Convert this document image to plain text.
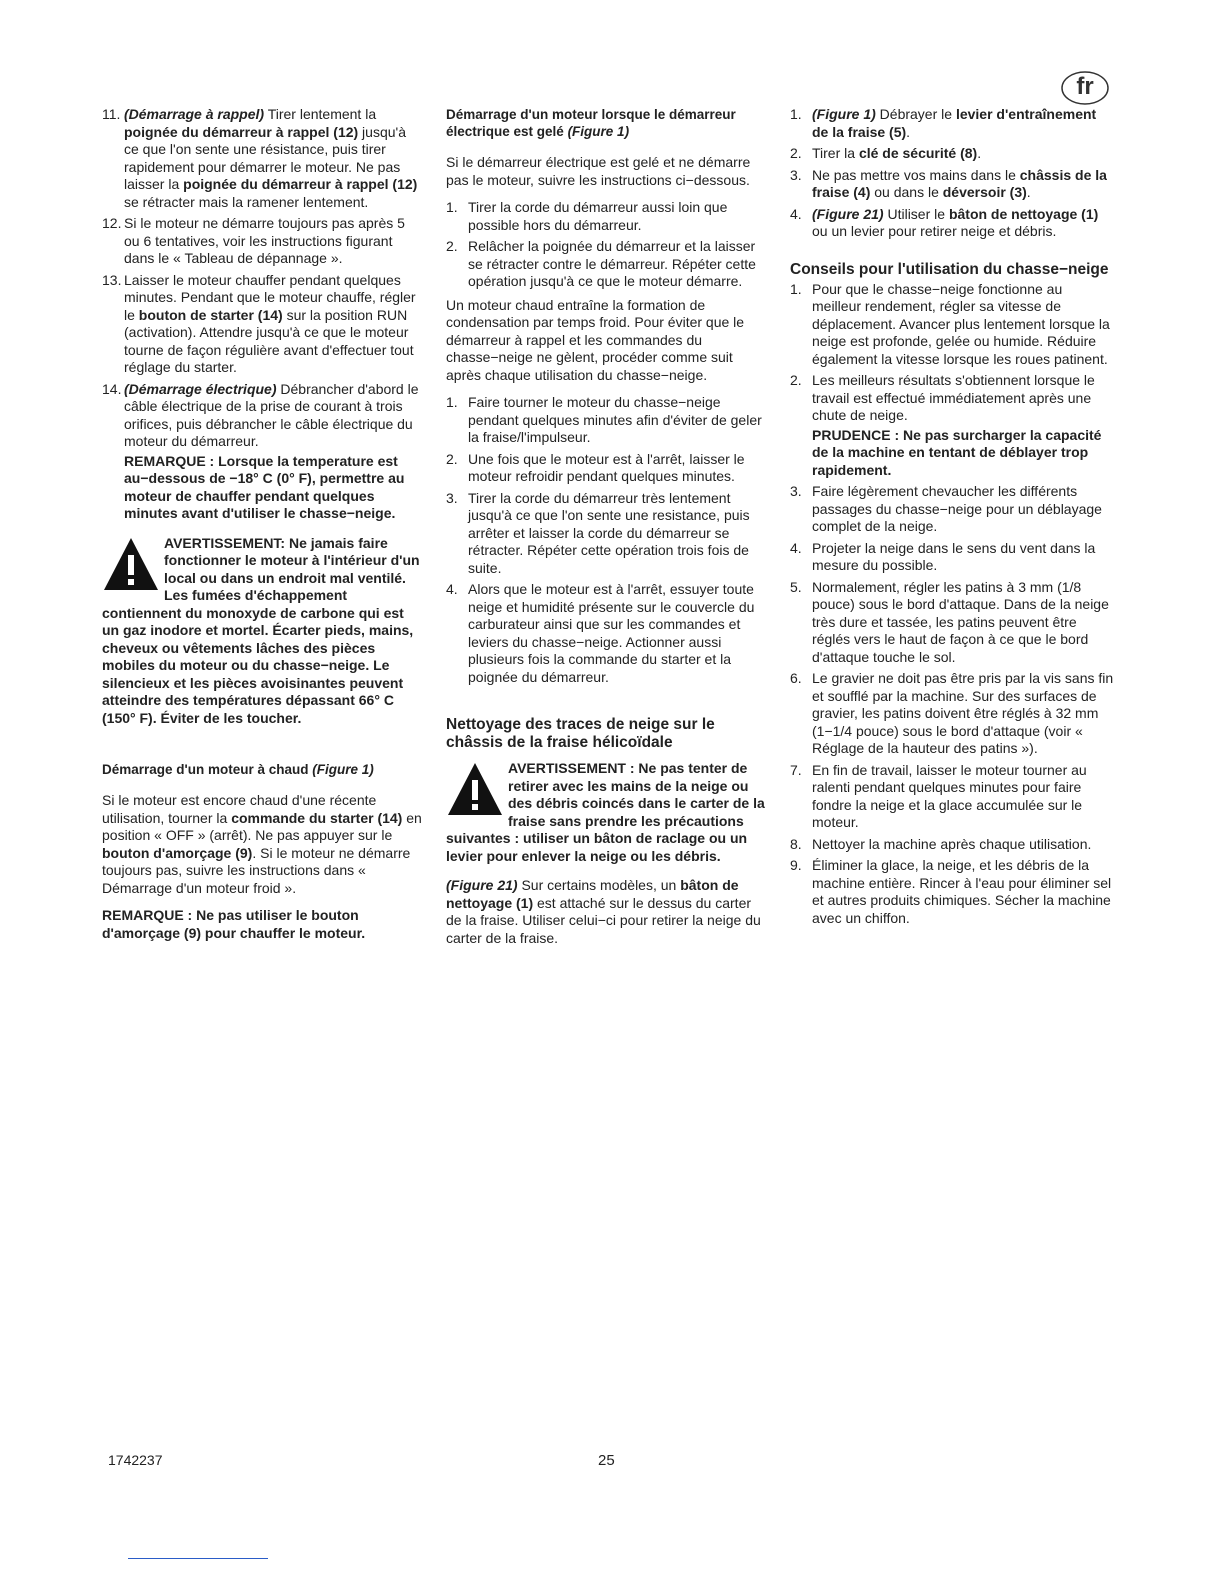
fr
11. (Démarrage à rappel) Tirer lentement la poignée du démarreur à rappel (12) jusqu'à ce que l'on sente une résistance, puis tirer rapidement pour démarrer le moteur. Ne pas laisser la poignée du démarreur à rappel (12) se rétracter mais la ramener lentement.
12. Si le moteur ne démarre toujours pas après 5 ou 6 tentatives, voir les instructions figurant dans le « Tableau de dépannage ».
13. Laisser le moteur chauffer pendant quelques minutes. Pendant que le moteur chauffe, régler le bouton de starter (14) sur la position RUN (activation). Attendre jusqu'à ce que le moteur tourne de façon régulière avant d'effectuer tout réglage du starter.
14. (Démarrage électrique) Débrancher d'abord le câble électrique de la prise de courant à trois orifices, puis débrancher le câble électrique du moteur du démarreur.
REMARQUE : Lorsque la temperature est au−dessous de −18° C (0° F), permettre au moteur de chauffer pendant quelques minutes avant d'utiliser le chasse−neige.
AVERTISSEMENT: Ne jamais faire fonctionner le moteur à l'intérieur d'un local ou dans un endroit mal ventilé. Les fumées d'échappement contiennent du monoxyde de carbone qui est un gaz inodore et mortel. Écarter pieds, mains, cheveux ou vêtements lâches des pièces mobiles du moteur ou du chasse−neige. Le silencieux et les pièces avoisinantes peuvent atteindre des températures dépassant 66° C (150° F). Éviter de les toucher.
Démarrage d'un moteur à chaud (Figure 1)

Si le moteur est encore chaud d'une récente utilisation, tourner la commande du starter (14) en position « OFF » (arrêt). Ne pas appuyer sur le bouton d'amorçage (9). Si le moteur ne démarre toujours pas, suivre les instructions dans « Démarrage d'un moteur froid ».

REMARQUE : Ne pas utiliser le bouton d'amorçage (9) pour chauffer le moteur.
Démarrage d'un moteur lorsque le démarreur électrique est gelé (Figure 1)

Si le démarreur électrique est gelé et ne démarre pas le moteur, suivre les instructions ci−dessous.

1. Tirer la corde du démarreur aussi loin que possible hors du démarreur.
2. Relâcher la poignée du démarreur et la laisser se rétracter contre le démarreur. Répéter cette opération jusqu'à ce que le moteur démarre.

Un moteur chaud entraîne la formation de condensation par temps froid. Pour éviter que le démarreur à rappel et les commandes du chasse−neige ne gèlent, procéder comme suit après chaque utilisation du chasse−neige.

1. Faire tourner le moteur du chasse−neige pendant quelques minutes afin d'éviter de geler la fraise/l'impulseur.
2. Une fois que le moteur est à l'arrêt, laisser le moteur refroidir pendant quelques minutes.
3. Tirer la corde du démarreur très lentement jusqu'à ce que l'on sente une resistance, puis arrêter et laisser la corde du démarreur se rétracter. Répéter cette opération trois fois de suite.
4. Alors que le moteur est à l'arrêt, essuyer toute neige et humidité présente sur le couvercle du carburateur ainsi que sur les commandes et leviers du chasse−neige. Actionner aussi plusieurs fois la commande du starter et la poignée du démarreur.
Nettoyage des traces de neige sur le châssis de la fraise hélicoïdale
AVERTISSEMENT : Ne pas tenter de retirer avec les mains de la neige ou des débris coincés dans le carter de la fraise sans prendre les précautions suivantes : utiliser un bâton de raclage ou un levier pour enlever la neige ou les débris.

(Figure 21) Sur certains modèles, un bâton de nettoyage (1) est attaché sur le dessus du carter de la fraise. Utiliser celui−ci pour retirer la neige du carter de la fraise.

1. (Figure 1) Débrayer le levier d'entraînement de la fraise (5).
2. Tirer la clé de sécurité (8).
3. Ne pas mettre vos mains dans le châssis de la fraise (4) ou dans le déversoir (3).
4. (Figure 21) Utiliser le bâton de nettoyage (1) ou un levier pour retirer neige et débris.
Conseils pour l'utilisation du chasse−neige
1. Pour que le chasse−neige fonctionne au meilleur rendement, régler sa vitesse de déplacement. Avancer plus lentement lorsque la neige est profonde, gelée ou humide. Réduire également la vitesse lorsque les roues patinent.
2. Les meilleurs résultats s'obtiennent lorsque le travail est effectué immédiatement après une chute de neige.
PRUDENCE : Ne pas surcharger la capacité de la machine en tentant de déblayer trop rapidement.
3. Faire légèrement chevaucher les différents passages du chasse−neige pour un déblayage complet de la neige.
4. Projeter la neige dans le sens du vent dans la mesure du possible.
5. Normalement, régler les patins à 3 mm (1/8 pouce) sous le bord d'attaque. Dans de la neige très dure et tassée, les patins peuvent être réglés vers le haut de façon à ce que le bord d'attaque touche le sol.
6. Le gravier ne doit pas être pris par la vis sans fin et soufflé par la machine. Sur des surfaces de gravier, les patins doivent être réglés à 32 mm (1−1/4 pouce) sous le bord d'attaque (voir « Réglage de la hauteur des patins »).
7. En fin de travail, laisser le moteur tourner au ralenti pendant quelques minutes pour faire fondre la neige et la glace accumulée sur le moteur.
8. Nettoyer la machine après chaque utilisation.
9. Éliminer la glace, la neige, et les débris de la machine entière. Rincer à l'eau pour éliminer sel et autres produits chimiques. Sécher la machine avec un chiffon.
1742237	25
